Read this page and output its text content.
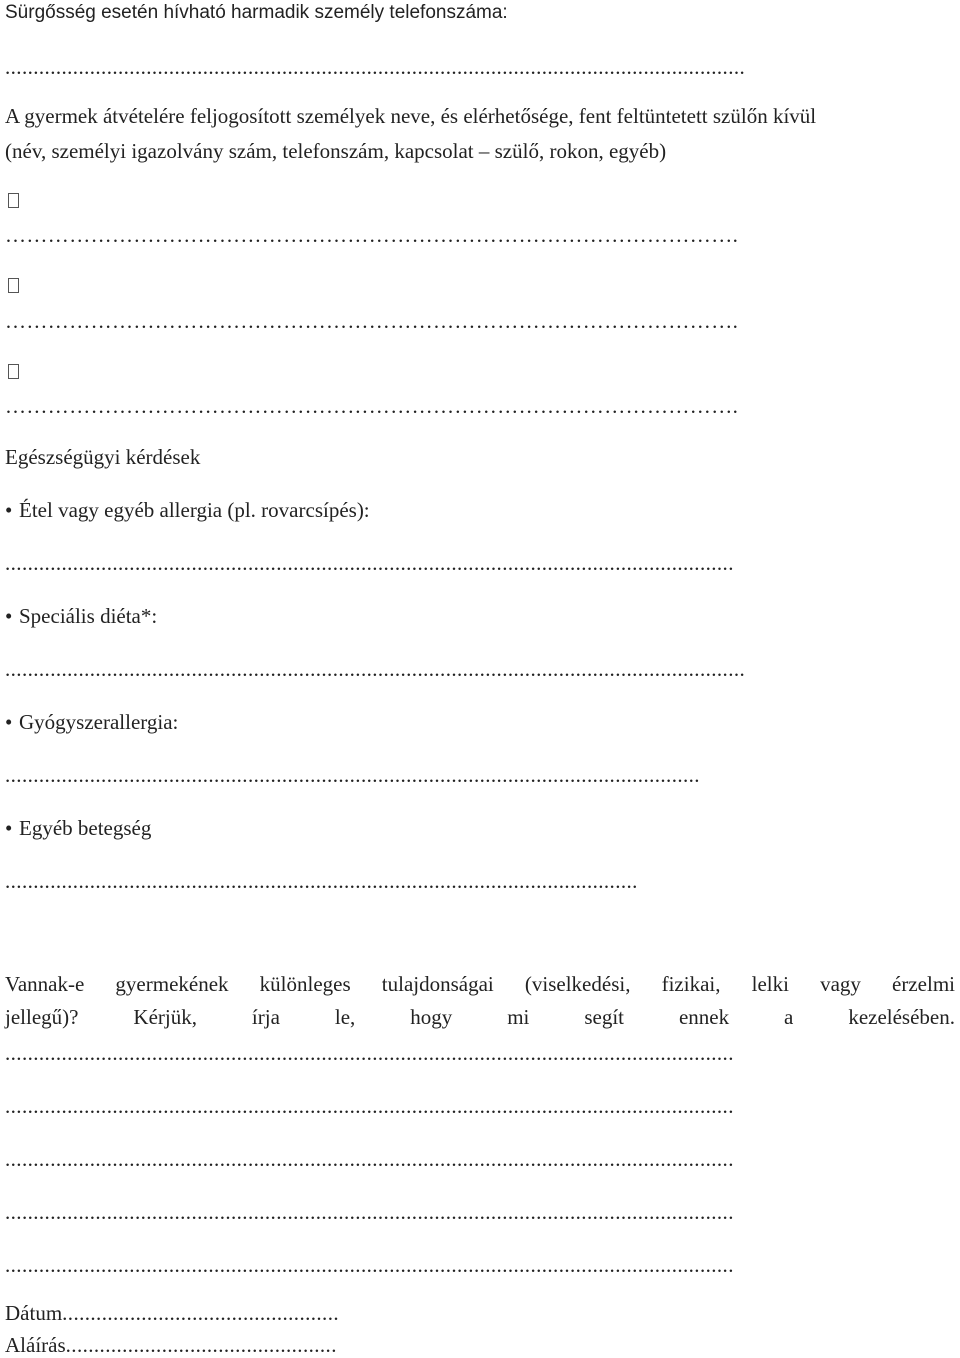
Sürgősség esetén hívható harmadik személy telefonszáma:
...................................................................................................................................
A gyermek átvételére feljogosított személyek neve, és elérhetősége, fent feltüntetett szülőn kívül
(név, személyi igazolvány szám, telefonszám, kapcsolat – szülő, rokon, egyéb)
………………………………………………………………………………………….
………………………………………………………………………………………….
………………………………………………………………………………………….
Egészségügyi kérdések
• Étel vagy egyéb allergia (pl. rovarcsípés):
.................................................................................................................................
• Speciális diéta*:
...................................................................................................................................
• Gyógyszerallergia:
...........................................................................................................................
• Egyéb betegség
................................................................................................................
Vannak-e gyermekének különleges tulajdonságai (viselkedési, fizikai, lelki vagy érzelmi
jellegű)? Kérjük, írja le, hogy mi segít ennek a kezelésében.
.................................................................................................................................
.................................................................................................................................
.................................................................................................................................
.................................................................................................................................
.................................................................................................................................
Dátum.................................................
Aláírás................................................
